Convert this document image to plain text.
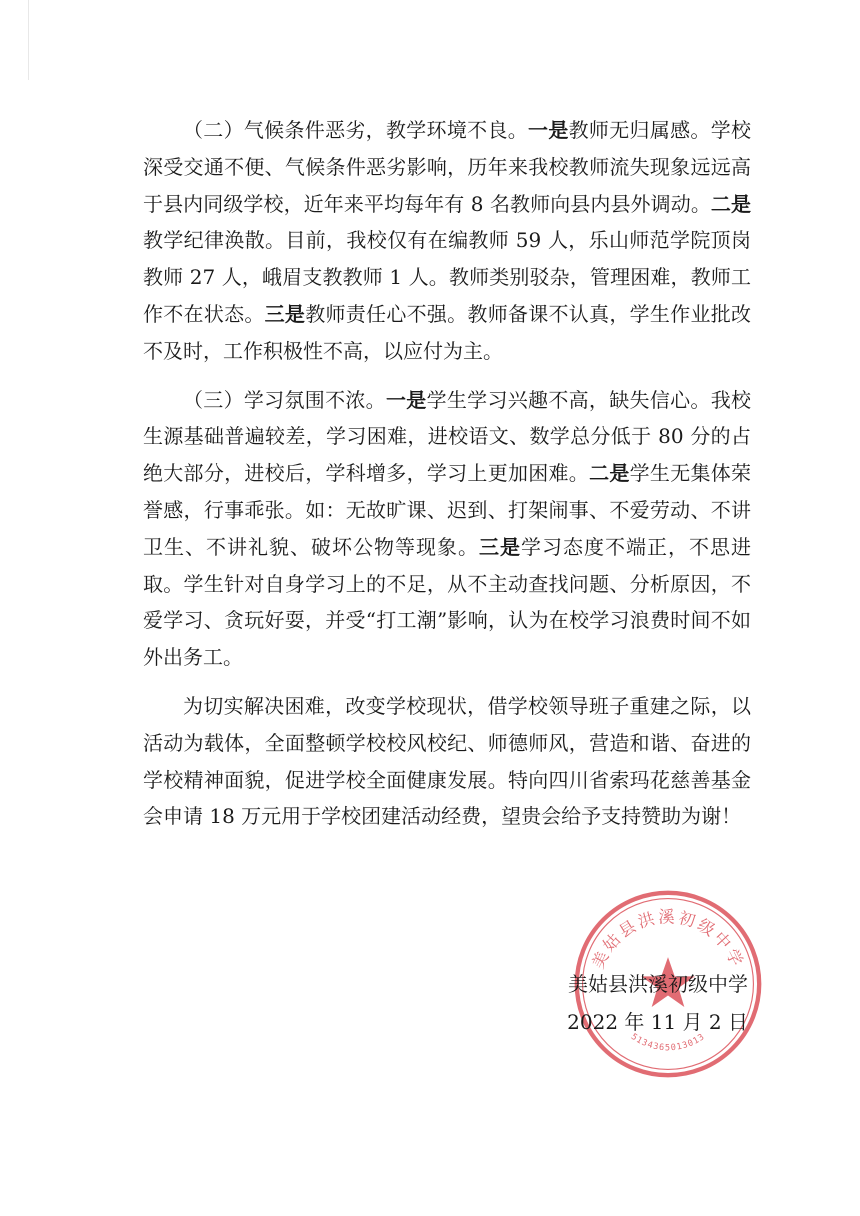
（二）气候条件恶劣，教学环境不良。一是教师无归属感。学校深受交通不便、气候条件恶劣影响，历年来我校教师流失现象远远高于县内同级学校，近年来平均每年有 8 名教师向县内县外调动。二是教学纪律涣散。目前，我校仅有在编教师 59 人，乐山师范学院顶岗教师 27 人，峨眉支教教师 1 人。教师类别驳杂，管理困难，教师工作不在状态。三是教师责任心不强。教师备课不认真，学生作业批改不及时，工作积极性不高，以应付为主。

（三）学习氛围不浓。一是学生学习兴趣不高，缺失信心。我校生源基础普遍较差，学习困难，进校语文、数学总分低于 80 分的占绝大部分，进校后，学科增多，学习上更加困难。二是学生无集体荣誉感，行事乖张。如：无故旷课、迟到、打架闹事、不爱劳动、不讲卫生、不讲礼貌、破坏公物等现象。三是学习态度不端正，不思进取。学生针对自身学习上的不足，从不主动查找问题、分析原因，不爱学习、贪玩好耍，并受“打工潮”影响，认为在校学习浪费时间不如外出务工。

为切实解决困难，改变学校现状，借学校领导班子重建之际，以活动为载体，全面整顿学校校风校纪、师德师风，营造和谐、奋进的学校精神面貌，促进学校全面健康发展。特向四川省索玛花慈善基金会申请 18 万元用于学校团建活动经费，望贵会给予支持赞助为谢！

美姑县洪溪初级中学
5134365013013
美姑县洪溪初级中学
2022 年 11 月 2 日
